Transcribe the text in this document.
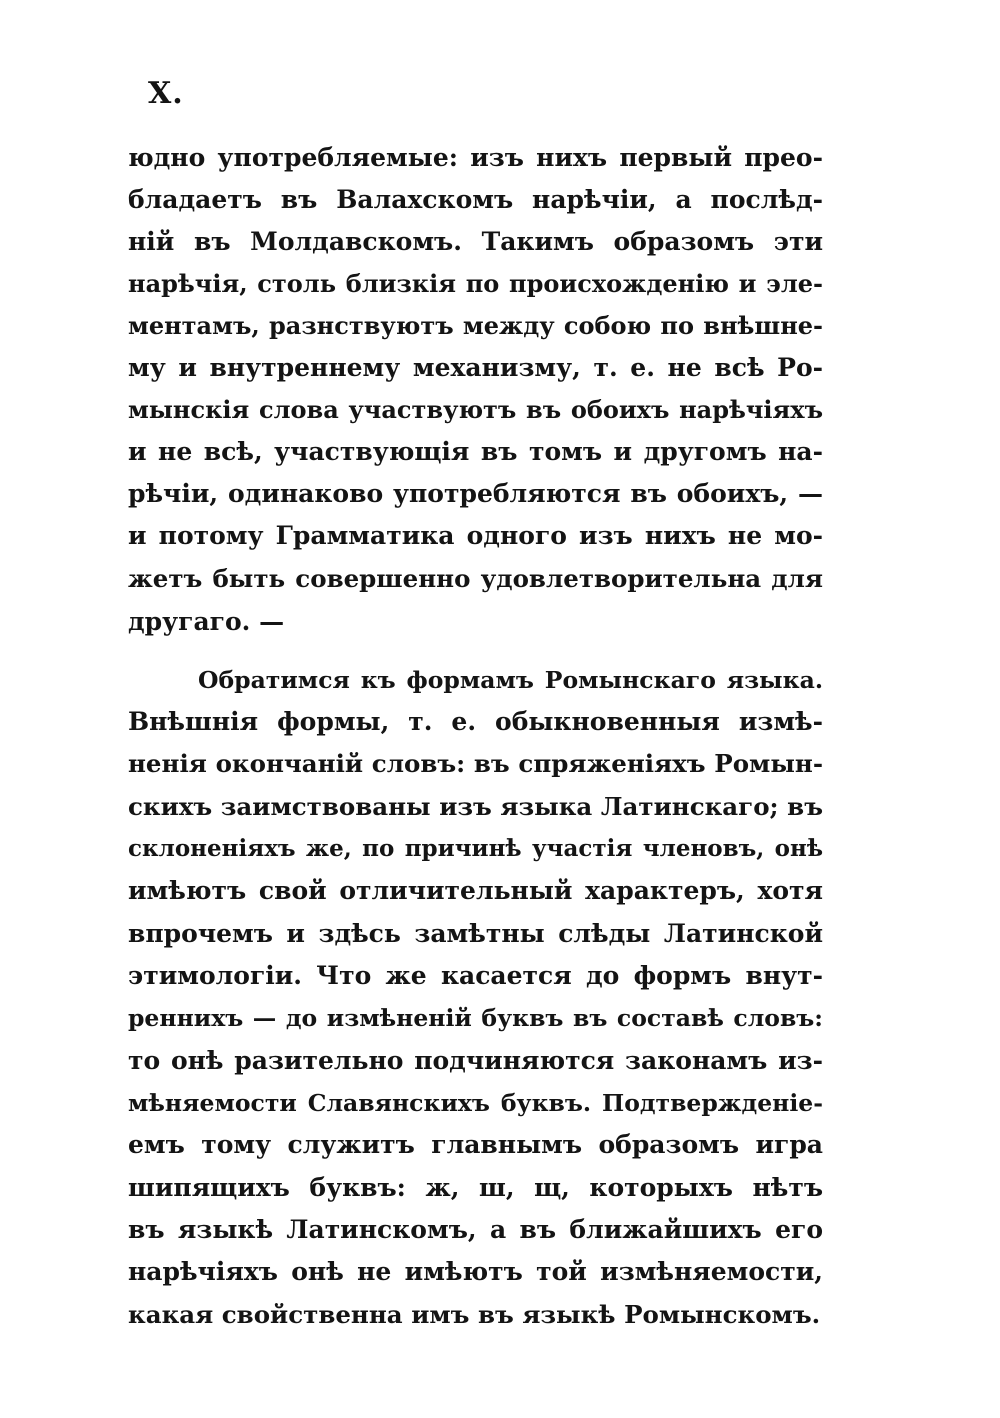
X.
юдно употребляемые: изъ нихъ первый прео-
бладаетъ въ Валахскомъ нарѣчіи, а послѣд-
ній въ Молдавскомъ. Такимъ образомъ эти
нарѣчія, столь близкія по происхожденію и эле-
ментамъ, разнствуютъ между собою по внѣшне-
му и внутреннему механизму, т. е. не всѣ Ро-
мынскія слова участвуютъ въ обоихъ нарѣчіяхъ
и не всѣ, участвующія въ томъ и другомъ на-
рѣчіи, одинаково употребляются въ обоихъ, —
и потому Грамматика одного изъ нихъ не мо-
жетъ быть совершенно удовлетворительна для
другаго. —
Обратимся къ формамъ Ромынскаго языка.
Внѣшнія формы, т. е. обыкновенныя измѣ-
ненія окончаній словъ: въ спряженіяхъ Ромын-
скихъ заимствованы изъ языка Латинскаго; въ
склоненіяхъ же, по причинѣ участія членовъ, онѣ
имѣютъ свой отличительный характеръ, хотя
впрочемъ и здѣсь замѣтны слѣды Латинской
этимологіи. Что же касается до формъ внут-
реннихъ — до измѣненій буквъ въ составѣ словъ:
то онѣ разительно подчиняются законамъ из-
мѣняемости Славянскихъ буквъ. Подтвержденіе-
емъ тому служитъ главнымъ образомъ игра
шипящихъ буквъ: ж, ш, щ, которыхъ нѣтъ
въ языкѣ Латинскомъ, а въ ближайшихъ его
нарѣчіяхъ онѣ не имѣютъ той измѣняемости,
какая свойственна имъ въ языкѣ Ромынскомъ.
